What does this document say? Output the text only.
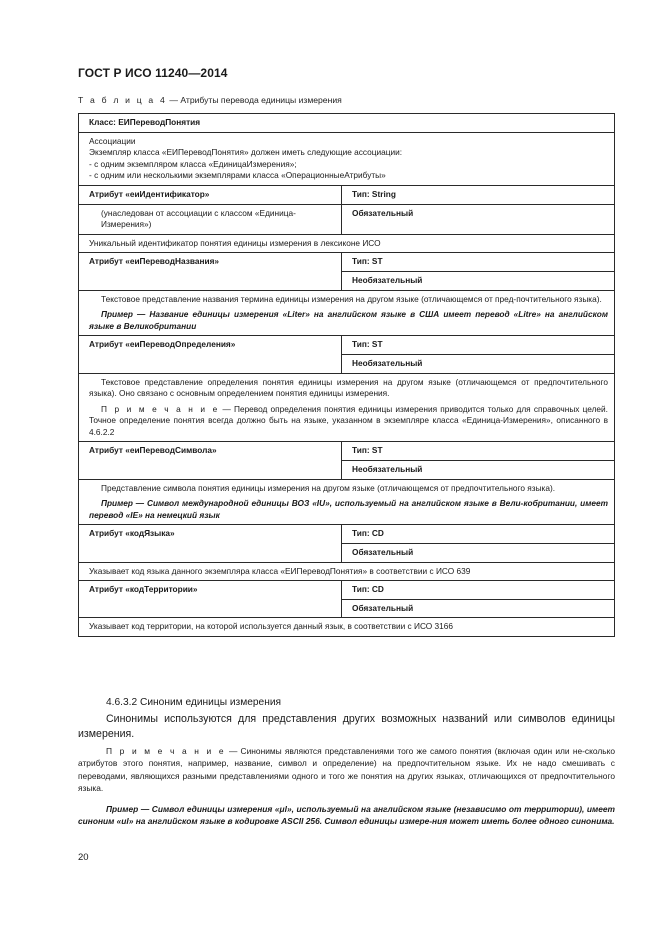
ГОСТ Р ИСО 11240—2014
Т а б л и ц а 4 — Атрибуты перевода единицы измерения
Класс: ЕИПереводПонятия	

Ассоциации
Экземпляр класса «ЕИПереводПонятия» должен иметь следующие ассоциации:
- с одним экземпляром класса «ЕдиницаИзмерения»;
- с одним или несколькими экземплярами класса «ОперационныеАтрибуты»	

Атрибут «еиИдентификатор»	Тип: String
(унаследован от ассоциации с классом «Единица-Измерения»)	Обязательный
Уникальный идентификатор понятия единицы измерения в лексиконе ИСО	
Атрибут «еиПереводНазвания»	Тип: ST
	Необязательный

Текстовое представление названия термина единицы измерения на другом языке (отличающемся от пред-почтительного языка).

Пример — Название единицы измерения «Liter» на английском языке в США имеет перевод «Litre» на английском языке в Великобритании	

Атрибут «еиПереводОпределения»	Тип: ST
	Необязательный

Текстовое представление определения понятия единицы измерения на другом языке (отличающемся от предпочтительного языка). Оно связано с основным определением понятия единицы измерения.

П р и м е ч а н и е — Перевод определения понятия единицы измерения приводится только для справочных целей. Точное определение понятия всегда должно быть на языке, указанном в экземпляре класса «Единица-Измерения», описанного в 4.6.2.2	

Атрибут «еиПереводСимвола»	Тип: ST
	Необязательный

Представление символа понятия единицы измерения на другом языке (отличающемся от предпочтительного языка).

Пример — Символ международной единицы ВОЗ «IU», используемый на английском языке в Вели-кобритании, имеет перевод «IE» на немецкий язык	

Атрибут «кодЯзыка»	Тип: CD
	Обязательный
Указывает код языка данного экземпляра класса «ЕИПереводПонятия» в соответствии с ИСО 639	
Атрибут «кодТерритории»	Тип: CD
	Обязательный
Указывает код территории, на которой используется данный язык, в соответствии с ИСО 3166	
4.6.3.2 Синоним единицы измерения

Синонимы используются для представления других возможных названий или символов единицы измерения.

П р и м е ч а н и е — Синонимы являются представлениями того же самого понятия (включая один или не-сколько атрибутов этого понятия, например, название, символ и определение) на предпочтительном языке. Их не надо смешивать с переводами, являющихся разными представлениями одного и того же понятия на других языках, отличающихся от предпочтительного языка.

Пример — Символ единицы измерения «μl», используемый на английском языке (независимо от территории), имеет синоним «ul» на английском языке в кодировке ASCII 256. Символ единицы измере-ния может иметь более одного синонима.

20
